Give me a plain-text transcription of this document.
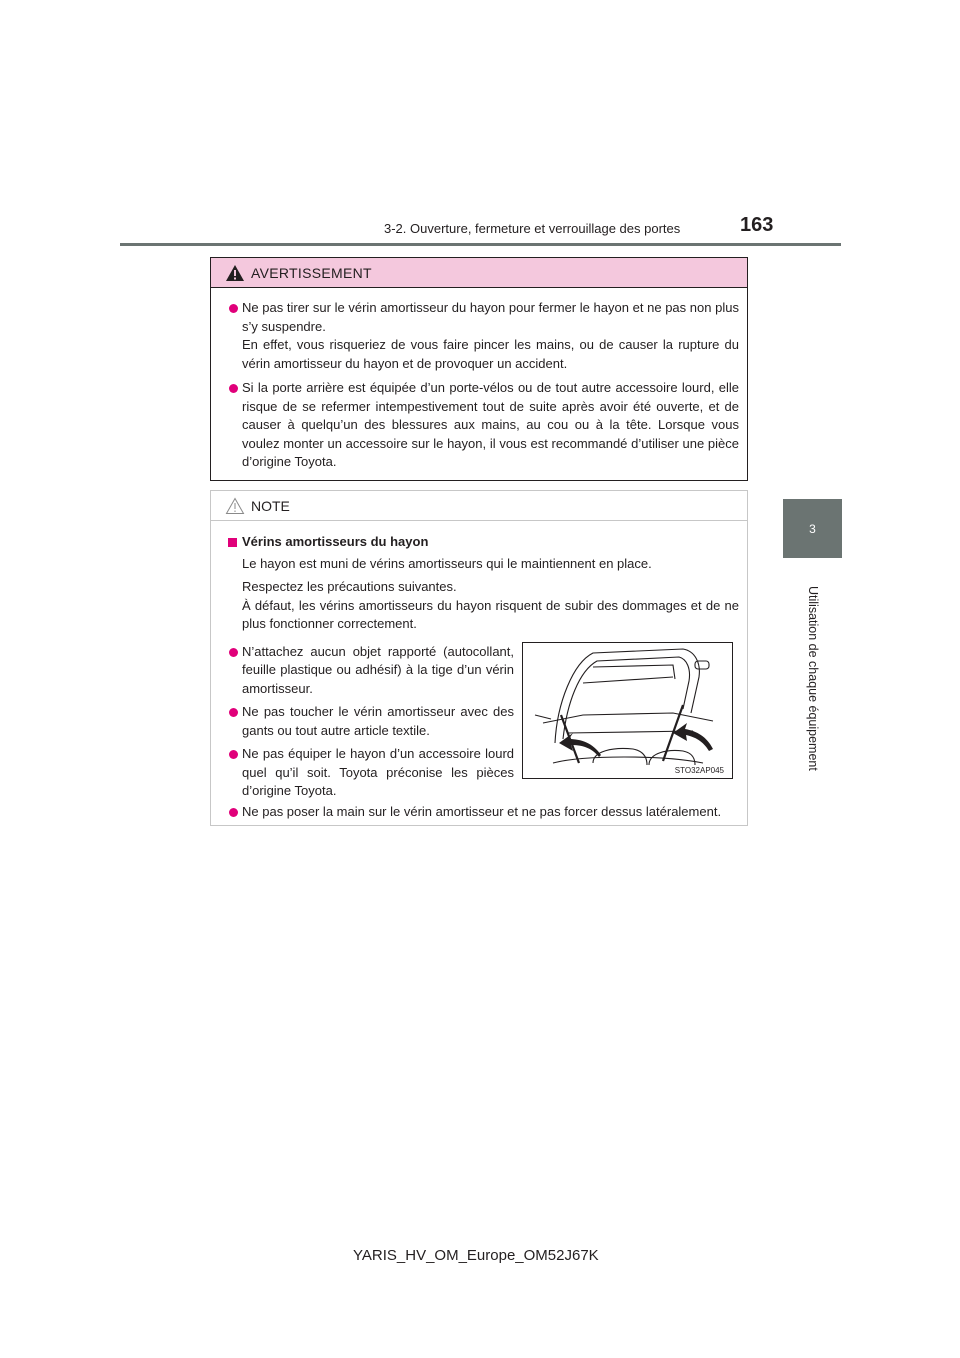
3-2. Ouverture, fermeture et verrouillage des portes	163
3
Utilisation de chaque équipement
AVERTISSEMENT
Ne pas tirer sur le vérin amortisseur du hayon pour fermer le hayon et ne pas non plus s’y suspendre.
En effet, vous risqueriez de vous faire pincer les mains, ou de causer la rupture du vérin amortisseur du hayon et de provoquer un accident.
Si la porte arrière est équipée d’un porte-vélos ou de tout autre accessoire lourd, elle risque de se refermer intempestivement tout de suite après avoir été ouverte, et de causer à quelqu’un des blessures aux mains, au cou ou à la tête. Lorsque vous voulez monter un accessoire sur le hayon, il vous est recommandé d’utiliser une pièce d’origine Toyota.
NOTE
Vérins amortisseurs du hayon
Le hayon est muni de vérins amortisseurs qui le maintiennent en place.
Respectez les précautions suivantes.
À défaut, les vérins amortisseurs du hayon risquent de subir des dommages et de ne plus fonctionner correctement.
N’attachez aucun objet rapporté (autocollant, feuille plastique ou adhésif) à la tige d’un vérin amortisseur.
Ne pas toucher le vérin amortisseur avec des gants ou tout autre article textile.
Ne pas équiper le hayon d’un accessoire lourd quel qu’il soit. Toyota préconise les pièces d’origine Toyota.
Ne pas poser la main sur le vérin amortisseur et ne pas forcer dessus latéralement.
STO32AP045
YARIS_HV_OM_Europe_OM52J67K
